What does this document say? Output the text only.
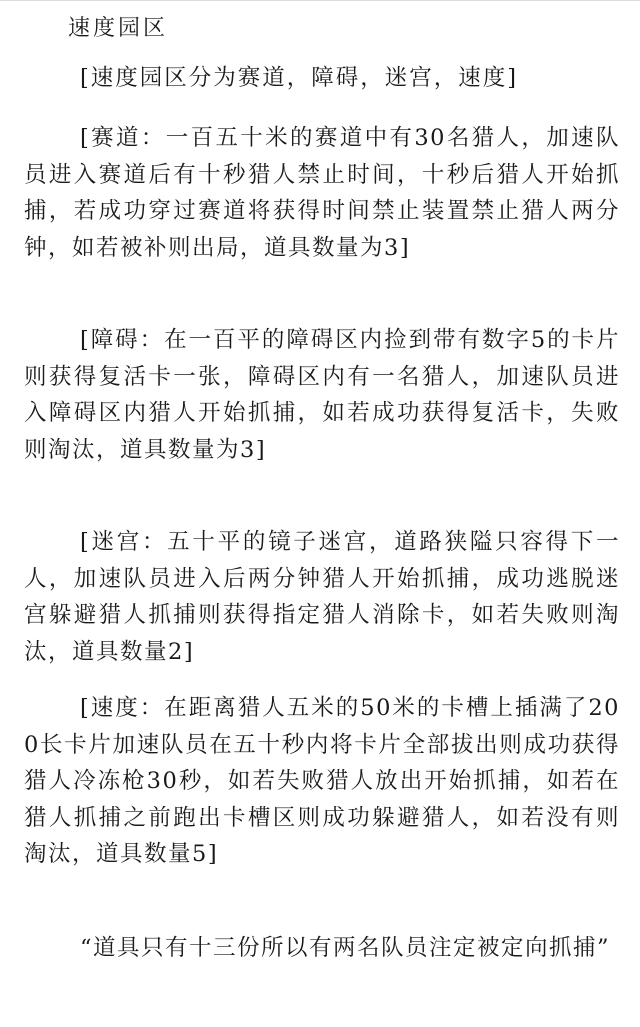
速度园区

[速度园区分为赛道，障碍，迷宫，速度]

[赛道：一百五十米的赛道中有30名猎人，加速队员进入赛道后有十秒猎人禁止时间，十秒后猎人开始抓捕，若成功穿过赛道将获得时间禁止装置禁止猎人两分钟，如若被补则出局，道具数量为3]

[障碍：在一百平的障碍区内捡到带有数字5的卡片则获得复活卡一张，障碍区内有一名猎人，加速队员进入障碍区内猎人开始抓捕，如若成功获得复活卡，失败则淘汰，道具数量为3]

[迷宫：五十平的镜子迷宫，道路狭隘只容得下一人，加速队员进入后两分钟猎人开始抓捕，成功逃脱迷宫躲避猎人抓捕则获得指定猎人消除卡，如若失败则淘汰，道具数量2]

[速度：在距离猎人五米的50米的卡槽上插满了200长卡片加速队员在五十秒内将卡片全部拔出则成功获得猎人冷冻枪30秒，如若失败猎人放出开始抓捕，如若在猎人抓捕之前跑出卡槽区则成功躲避猎人，如若没有则淘汰，道具数量5]

“道具只有十三份所以有两名队员注定被定向抓捕”
